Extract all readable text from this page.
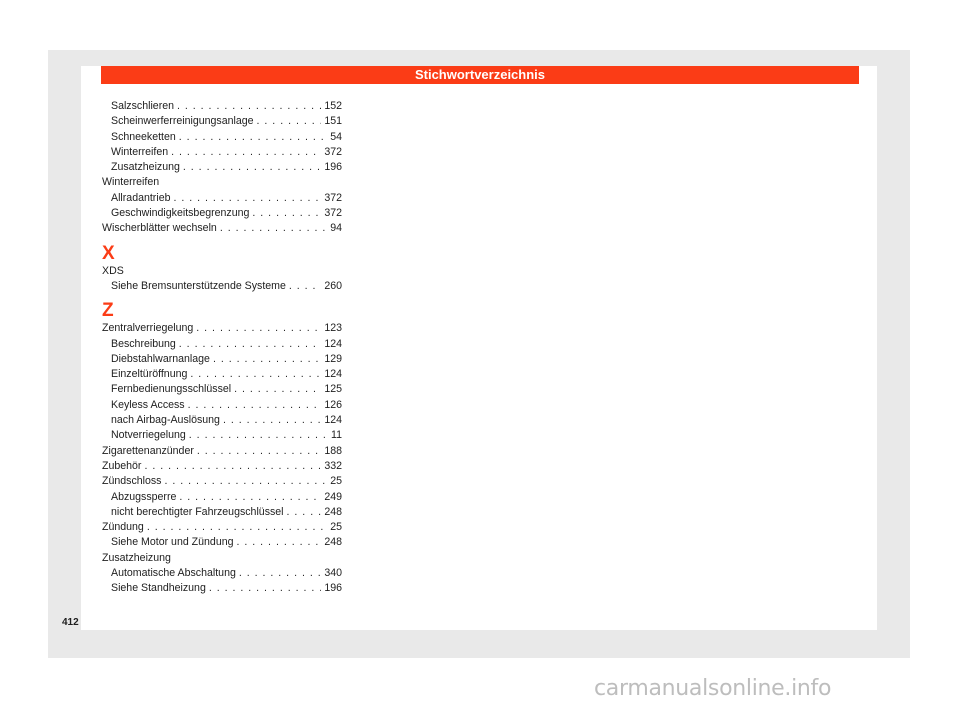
Stichwortverzeichnis
Salzschlieren . . .	152
Scheinwerferreinigungsanlage . . .	151
Schneeketten . . .	54
Winterreifen . . .	372
Zusatzheizung . . .	196
Winterreifen
Allradantrieb . . .	372
Geschwindigkeitsbegrenzung . . .	372
Wischerblätter wechseln . . .	94
X
XDS
Siehe Bremsunterstützende Systeme . . .	260
Z
Zentralverriegelung . . .	123
Beschreibung . . .	124
Diebstahlwarnanlage . . .	129
Einzeltüröffnung . . .	124
Fernbedienungsschlüssel . . .	125
Keyless Access . . .	126
nach Airbag-Auslösung . . .	124
Notverriegelung . . .	11
Zigarettenanzünder . . .	188
Zubehör . . .	332
Zündschloss . . .	25
Abzugssperre . . .	249
nicht berechtigter Fahrzeugschlüssel . . .	248
Zündung . . .	25
Siehe Motor und Zündung . . .	248
Zusatzheizung
Automatische Abschaltung . . .	340
Siehe Standheizung . . .	196
412
carmanualsonline.info
